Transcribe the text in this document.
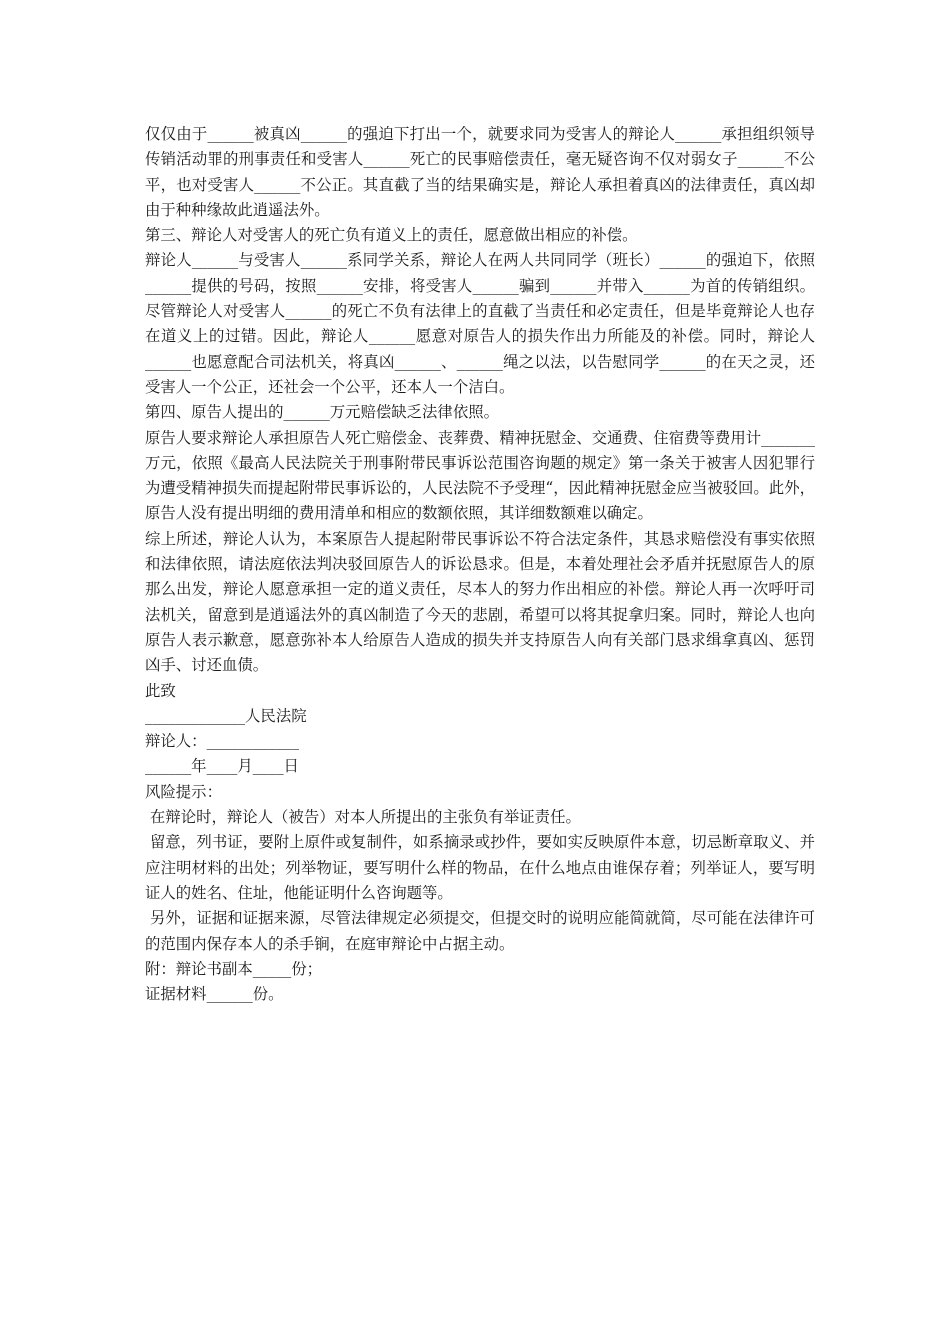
仅仅由于______被真凶______的强迫下打出一个，就要求同为受害人的辩论人______承担组织领导传销活动罪的刑事责任和受害人______死亡的民事赔偿责任，毫无疑咨询不仅对弱女子______不公平，也对受害人______不公正。其直截了当的结果确实是，辩论人承担着真凶的法律责任，真凶却由于种种缘故此逍遥法外。

第三、辩论人对受害人的死亡负有道义上的责任，愿意做出相应的补偿。

辩论人______与受害人______系同学关系，辩论人在两人共同同学（班长）______的强迫下，依照______提供的号码，按照______安排，将受害人______骗到______并带入______为首的传销组织。尽管辩论人对受害人______的死亡不负有法律上的直截了当责任和必定责任，但是毕竟辩论人也存在道义上的过错。因此，辩论人______愿意对原告人的损失作出力所能及的补偿。同时，辩论人______也愿意配合司法机关，将真凶______、______绳之以法，以告慰同学______的在天之灵，还受害人一个公正，还社会一个公平，还本人一个洁白。

第四、原告人提出的______万元赔偿缺乏法律依照。

原告人要求辩论人承担原告人死亡赔偿金、丧葬费、精神抚慰金、交通费、住宿费等费用计_______万元，依照《最高人民法院关于刑事附带民事诉讼范围咨询题的规定》第一条关于被害人因犯罪行为遭受精神损失而提起附带民事诉讼的，人民法院不予受理“，因此精神抚慰金应当被驳回。此外，原告人没有提出明细的费用清单和相应的数额依照，其详细数额难以确定。

综上所述，辩论人认为，本案原告人提起附带民事诉讼不符合法定条件，其恳求赔偿没有事实依照和法律依照，请法庭依法判决驳回原告人的诉讼恳求。但是，本着处理社会矛盾并抚慰原告人的原那么出发，辩论人愿意承担一定的道义责任，尽本人的努力作出相应的补偿。辩论人再一次呼吁司法机关，留意到是逍遥法外的真凶制造了今天的悲剧，希望可以将其捉拿归案。同时，辩论人也向原告人表示歉意，愿意弥补本人给原告人造成的损失并支持原告人向有关部门恳求缉拿真凶、惩罚凶手、讨还血债。

此致
_____________人民法院
辩论人：____________
______年____月____日
风险提示：

在辩论时，辩论人（被告）对本人所提出的主张负有举证责任。

留意，列书证，要附上原件或复制件，如系摘录或抄件，要如实反映原件本意，切忌断章取义、并应注明材料的出处；列举物证，要写明什么样的物品，在什么地点由谁保存着；列举证人，要写明证人的姓名、住址，他能证明什么咨询题等。

另外，证据和证据来源，尽管法律规定必须提交，但提交时的说明应能简就简，尽可能在法律许可的范围内保存本人的杀手锏，在庭审辩论中占据主动。

附：辩论书副本_____份；
证据材料______份。
